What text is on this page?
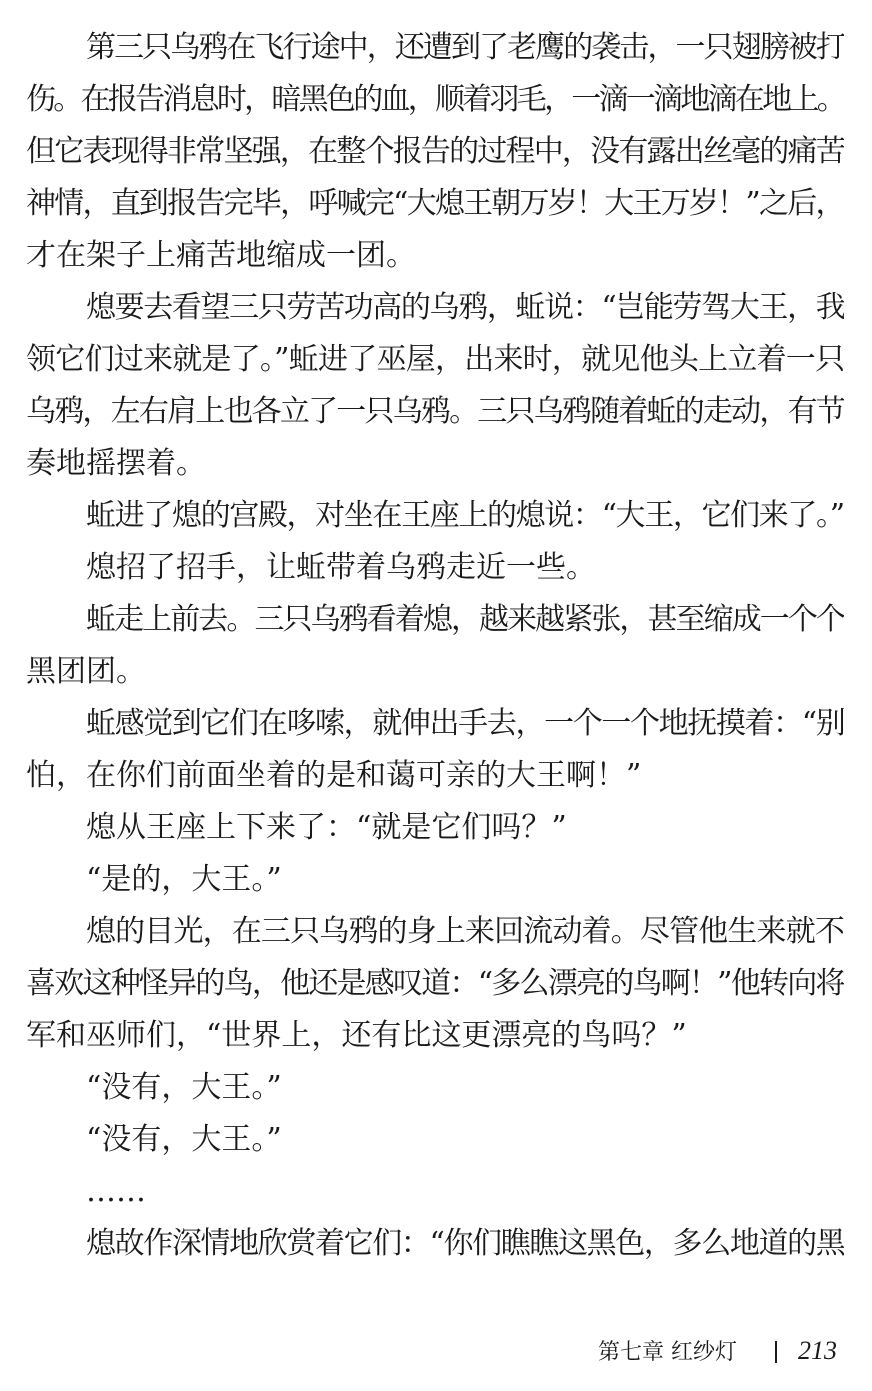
第三只乌鸦在飞行途中，还遭到了老鹰的袭击，一只翅膀被打
伤。在报告消息时，暗黑色的血，顺着羽毛，一滴一滴地滴在地上。
但它表现得非常坚强，在整个报告的过程中，没有露出丝毫的痛苦
神情，直到报告完毕，呼喊完“大熄王朝万岁！大王万岁！”之后，
才在架子上痛苦地缩成一团。
熄要去看望三只劳苦功高的乌鸦，蚯说：“岂能劳驾大王，我
领它们过来就是了。”蚯进了巫屋，出来时，就见他头上立着一只
乌鸦，左右肩上也各立了一只乌鸦。三只乌鸦随着蚯的走动，有节
奏地摇摆着。
蚯进了熄的宫殿，对坐在王座上的熄说：“大王，它们来了。”
熄招了招手，让蚯带着乌鸦走近一些。
蚯走上前去。三只乌鸦看着熄，越来越紧张，甚至缩成一个个
黑团团。
蚯感觉到它们在哆嗦，就伸出手去，一个一个地抚摸着：“别
怕，在你们前面坐着的是和蔼可亲的大王啊！”
熄从王座上下来了：“就是它们吗？”
“是的，大王。”
熄的目光，在三只乌鸦的身上来回流动着。尽管他生来就不
喜欢这种怪异的鸟，他还是感叹道：“多么漂亮的鸟啊！”他转向将
军和巫师们，“世界上，还有比这更漂亮的鸟吗？”
“没有，大王。”
“没有，大王。”
……
熄故作深情地欣赏着它们：“你们瞧瞧这黑色，多么地道的黑
第七章 红纱灯 213
